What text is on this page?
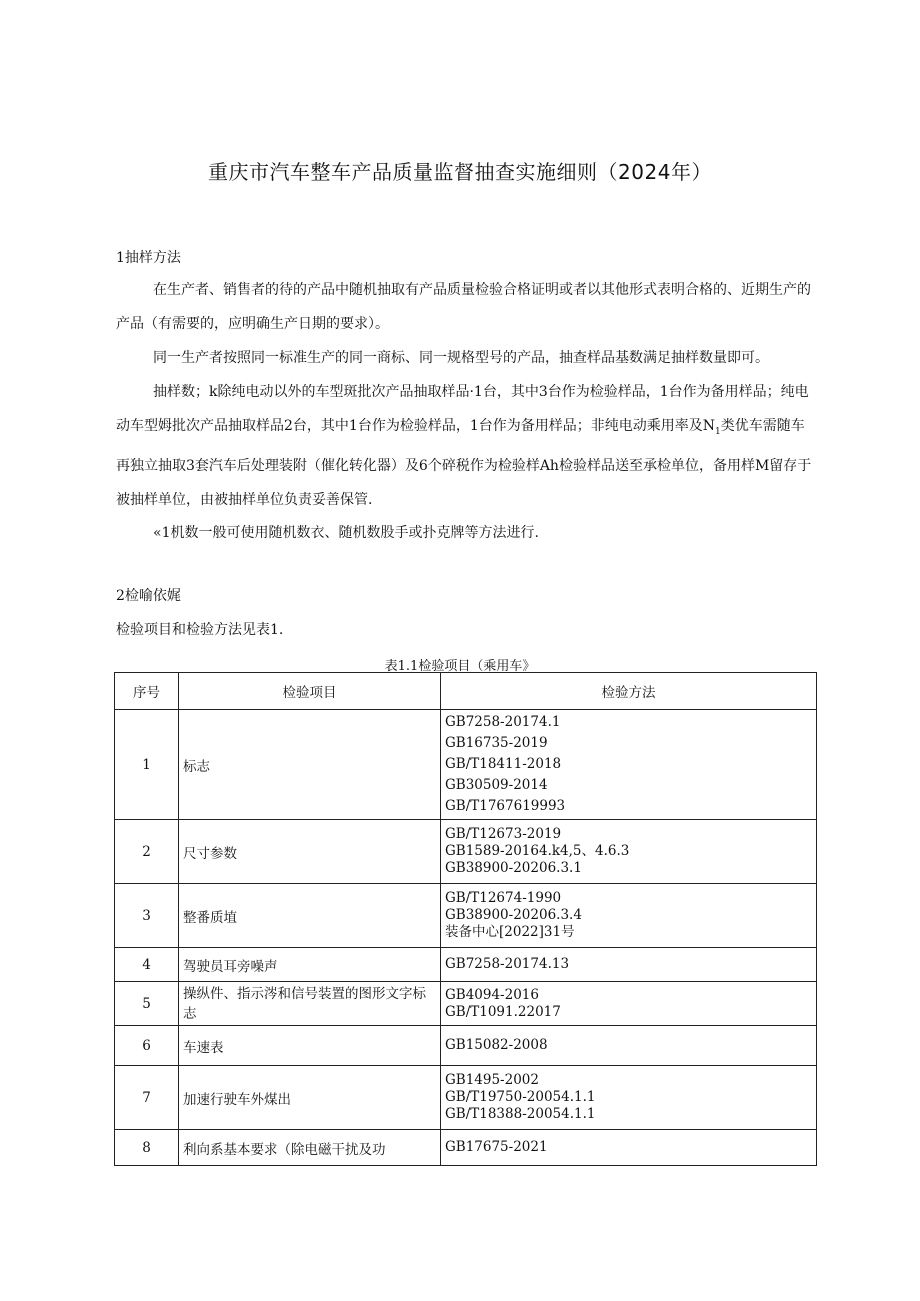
重庆市汽车整车产品质量监督抽查实施细则（2024年）
1抽样方法
在生产者、销售者的待的产品中随机抽取有产品质量检验合格证明或者以其他形式表明合格的、近期生产的产品（有需要的，应明确生产日期的要求）。
同一生产者按照同一标准生产的同一商标、同一规格型号的产品，抽查样品基数满足抽样数量即可。
抽样数；k除纯电动以外的车型斑批次产品抽取样品·1台，其中3台作为检验样品，1台作为备用样品；纯电动车型姆批次产品抽取样品2台，其中1台作为检验样品，1台作为备用样品；非纯电动乘用率及$N_1$类优车需随车再独立抽取3套汽车后处理装附（催化转化器）及6个碎税作为检验样Ah检验样品送至承检单位，备用样M留存于被抽样单位，由被抽样单位负责妥善保管.
«1机数一般可使用随机数衣、随机数股手或扑克牌等方法进行.
2检喻依娓
检验项目和检验方法见表1.
表1.1检验项目（乘用车》
序号	检验项目	检验方法
1	标志	GB7258-20174.1
GB16735-2019
GB/T18411-2018
GB30509-2014
GB/T1767619993

2	尺寸参数	GB/T12673-2019
GB1589-20164.k4,5、4.6.3
GB38900-20206.3.1

3	整番质埴	GB/T12674-1990
GB38900-20206.3.4
装备中心[2022]31号

4	驾驶员耳旁噪声	GB7258-20174.13

5	操纵件、指示涔和信号装置的图形文字标志	GB4094-2016
GB/T1091.22017

6	车速表	GB15082-2008

7	加速行驶车外煤出	GB1495-2002
GB/T19750-20054.1.1
GB/T18388-20054.1.1

8	利向系基本要求（除电磁干扰及功	GB17675-2021
